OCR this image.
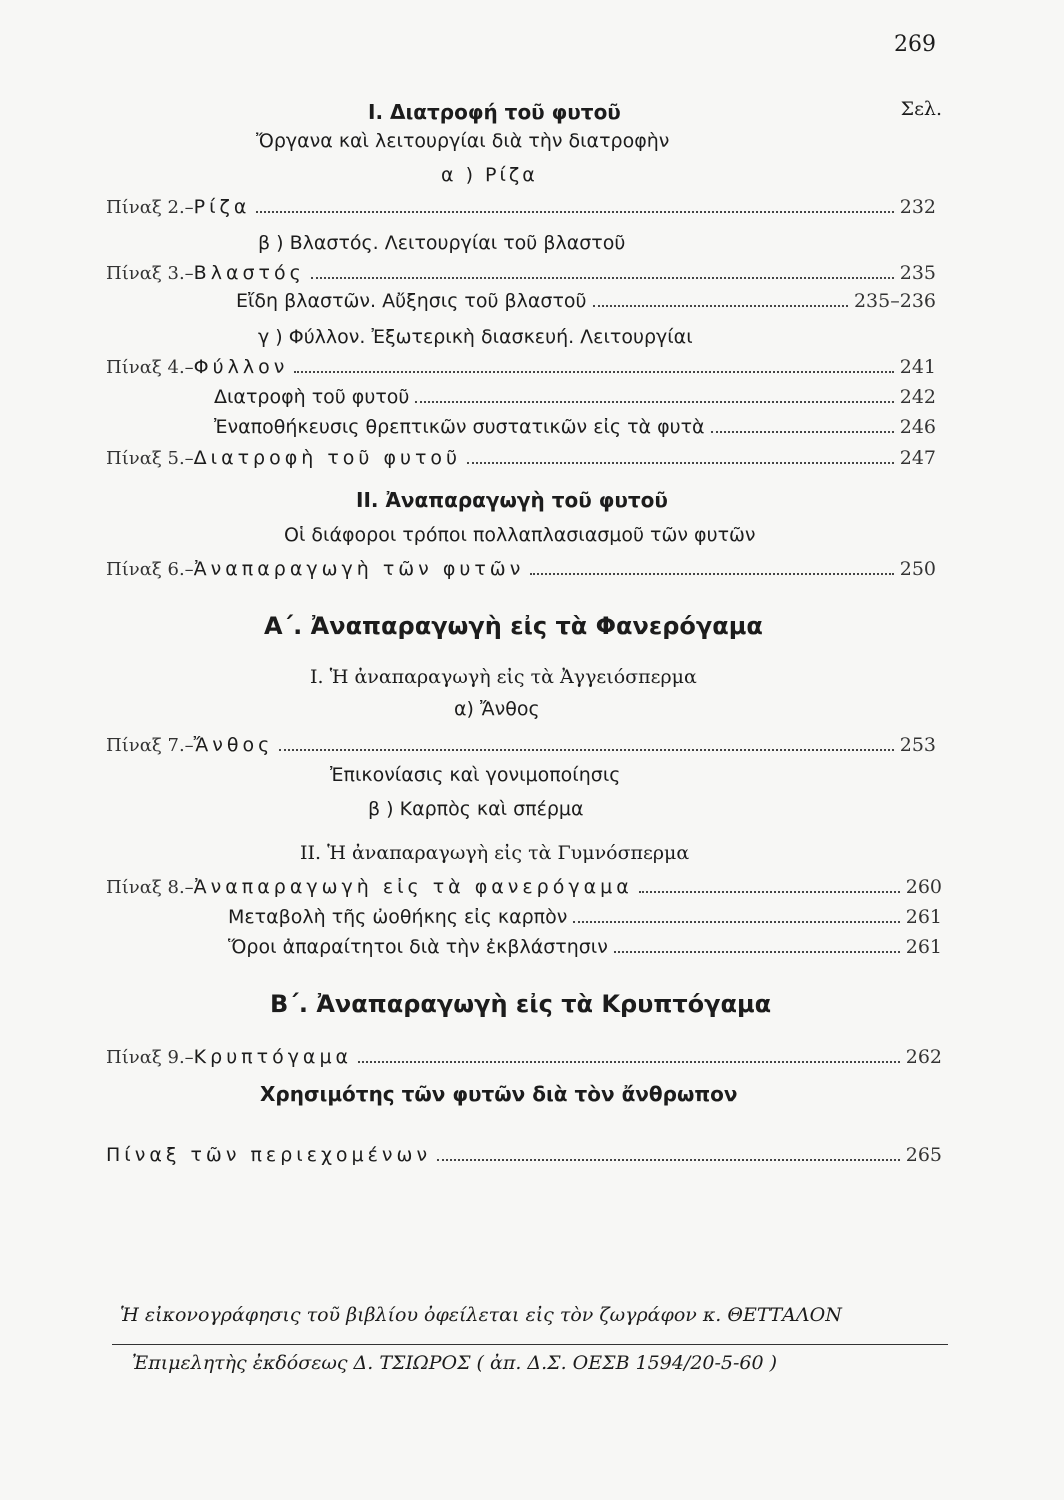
269
Ι. Διατροφή τοῦ φυτοῦ	Σελ.
Ὄργανα καὶ λειτουργίαι διὰ τὴν διατροφὴν
α ) Ρίζα
Πίναξ 2.– Ρίζα	232
β ) Βλαστός. Λειτουργίαι τοῦ βλαστοῦ
Πίναξ 3.– Βλαστός	235
Εἴδη βλαστῶν. Αὔξησις τοῦ βλαστοῦ	235–236
γ ) Φύλλον. Ἐξωτερικὴ διασκευή. Λειτουργίαι
Πίναξ 4.– Φύλλον	241
Διατροφὴ τοῦ φυτοῦ	242
Ἐναποθήκευσις θρεπτικῶν συστατικῶν εἰς τὰ φυτὰ	246
Πίναξ 5.– Διατροφὴ τοῦ φυτοῦ	247
ΙΙ. Ἀναπαραγωγὴ τοῦ φυτοῦ
Οἱ διάφοροι τρόποι πολλαπλασιασμοῦ τῶν φυτῶν
Πίναξ 6.– Ἀναπαραγωγὴ τῶν φυτῶν	250
Α΄. Ἀναπαραγωγὴ εἰς τὰ Φανερόγαμα
Ι. Ἡ ἀναπαραγωγὴ εἰς τὰ Ἀγγειόσπερμα
α) Ἄνθος
Πίναξ 7.– Ἄνθος	253
Ἐπικονίασις καὶ γονιμοποίησις
β ) Καρπὸς καὶ σπέρμα
ΙΙ. Ἡ ἀναπαραγωγὴ εἰς τὰ Γυμνόσπερμα
Πίναξ 8.– Ἀναπαραγωγὴ εἰς τὰ φανερόγαμα	260
Μεταβολὴ τῆς ὠοθήκης εἰς καρπὸν	261
Ὅροι ἀπαραίτητοι διὰ τὴν ἐκβλάστησιν	261
Β΄. Ἀναπαραγωγὴ εἰς τὰ Κρυπτόγαμα
Πίναξ 9.– Κρυπτόγαμα	262
Χρησιμότης τῶν φυτῶν διὰ τὸν ἄνθρωπον
Πίναξ τῶν περιεχομένων	265
Ἡ εἰκονογράφησις τοῦ βιβλίου ὀφείλεται εἰς τὸν ζωγράφον κ. ΘΕΤΤΑΛΟΝ
Ἐπιμελητὴς ἐκδόσεως Δ. ΤΣΙΩΡΟΣ ( ἀπ. Δ.Σ. ΟΕΣΒ 1594/20-5-60 )
